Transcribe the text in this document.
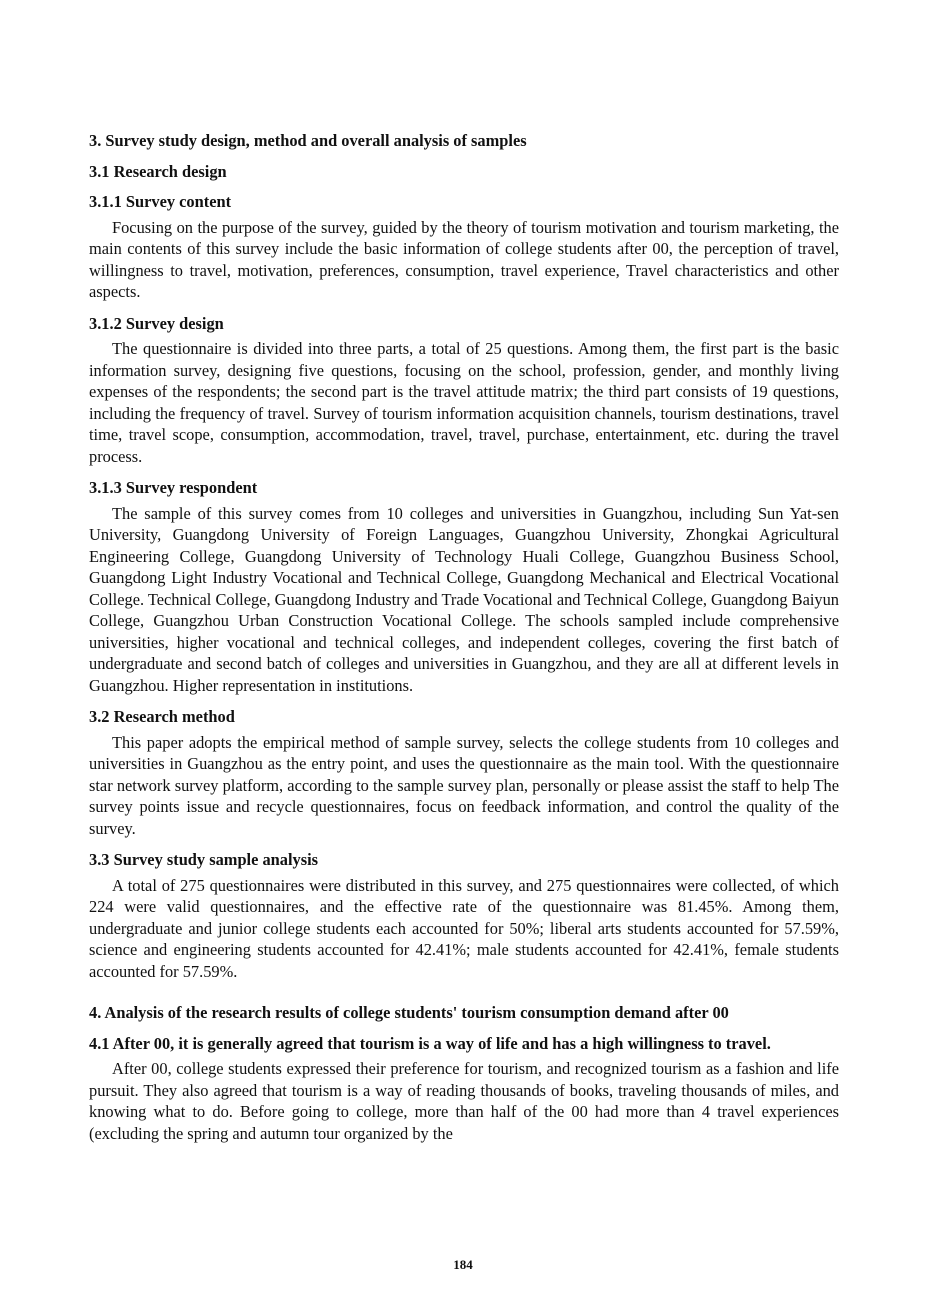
3. Survey study design, method and overall analysis of samples
3.1 Research design
3.1.1 Survey content

Focusing on the purpose of the survey, guided by the theory of tourism motivation and tourism marketing, the main contents of this survey include the basic information of college students after 00, the perception of travel, willingness to travel, motivation, preferences, consumption, travel experience, Travel characteristics and other aspects.

3.1.2 Survey design

The questionnaire is divided into three parts, a total of 25 questions. Among them, the first part is the basic information survey, designing five questions, focusing on the school, profession, gender, and monthly living expenses of the respondents; the second part is the travel attitude matrix; the third part consists of 19 questions, including the frequency of travel. Survey of tourism information acquisition channels, tourism destinations, travel time, travel scope, consumption, accommodation, travel, travel, purchase, entertainment, etc. during the travel process.

3.1.3 Survey respondent

The sample of this survey comes from 10 colleges and universities in Guangzhou, including Sun Yat-sen University, Guangdong University of Foreign Languages, Guangzhou University, Zhongkai Agricultural Engineering College, Guangdong University of Technology Huali College, Guangzhou Business School, Guangdong Light Industry Vocational and Technical College, Guangdong Mechanical and Electrical Vocational College. Technical College, Guangdong Industry and Trade Vocational and Technical College, Guangdong Baiyun College, Guangzhou Urban Construction Vocational College. The schools sampled include comprehensive universities, higher vocational and technical colleges, and independent colleges, covering the first batch of undergraduate and second batch of colleges and universities in Guangzhou, and they are all at different levels in Guangzhou. Higher representation in institutions.

3.2 Research method

This paper adopts the empirical method of sample survey, selects the college students from 10 colleges and universities in Guangzhou as the entry point, and uses the questionnaire as the main tool. With the questionnaire star network survey platform, according to the sample survey plan, personally or please assist the staff to help The survey points issue and recycle questionnaires, focus on feedback information, and control the quality of the survey.

3.3 Survey study sample analysis

A total of 275 questionnaires were distributed in this survey, and 275 questionnaires were collected, of which 224 were valid questionnaires, and the effective rate of the questionnaire was 81.45%. Among them, undergraduate and junior college students each accounted for 50%; liberal arts students accounted for 57.59%, science and engineering students accounted for 42.41%; male students accounted for 42.41%, female students accounted for 57.59%.

4. Analysis of the research results of college students' tourism consumption demand after 00
4.1 After 00, it is generally agreed that tourism is a way of life and has a high willingness to travel.

After 00, college students expressed their preference for tourism, and recognized tourism as a fashion and life pursuit. They also agreed that tourism is a way of reading thousands of books, traveling thousands of miles, and knowing what to do. Before going to college, more than half of the 00 had more than 4 travel experiences (excluding the spring and autumn tour organized by the

184
